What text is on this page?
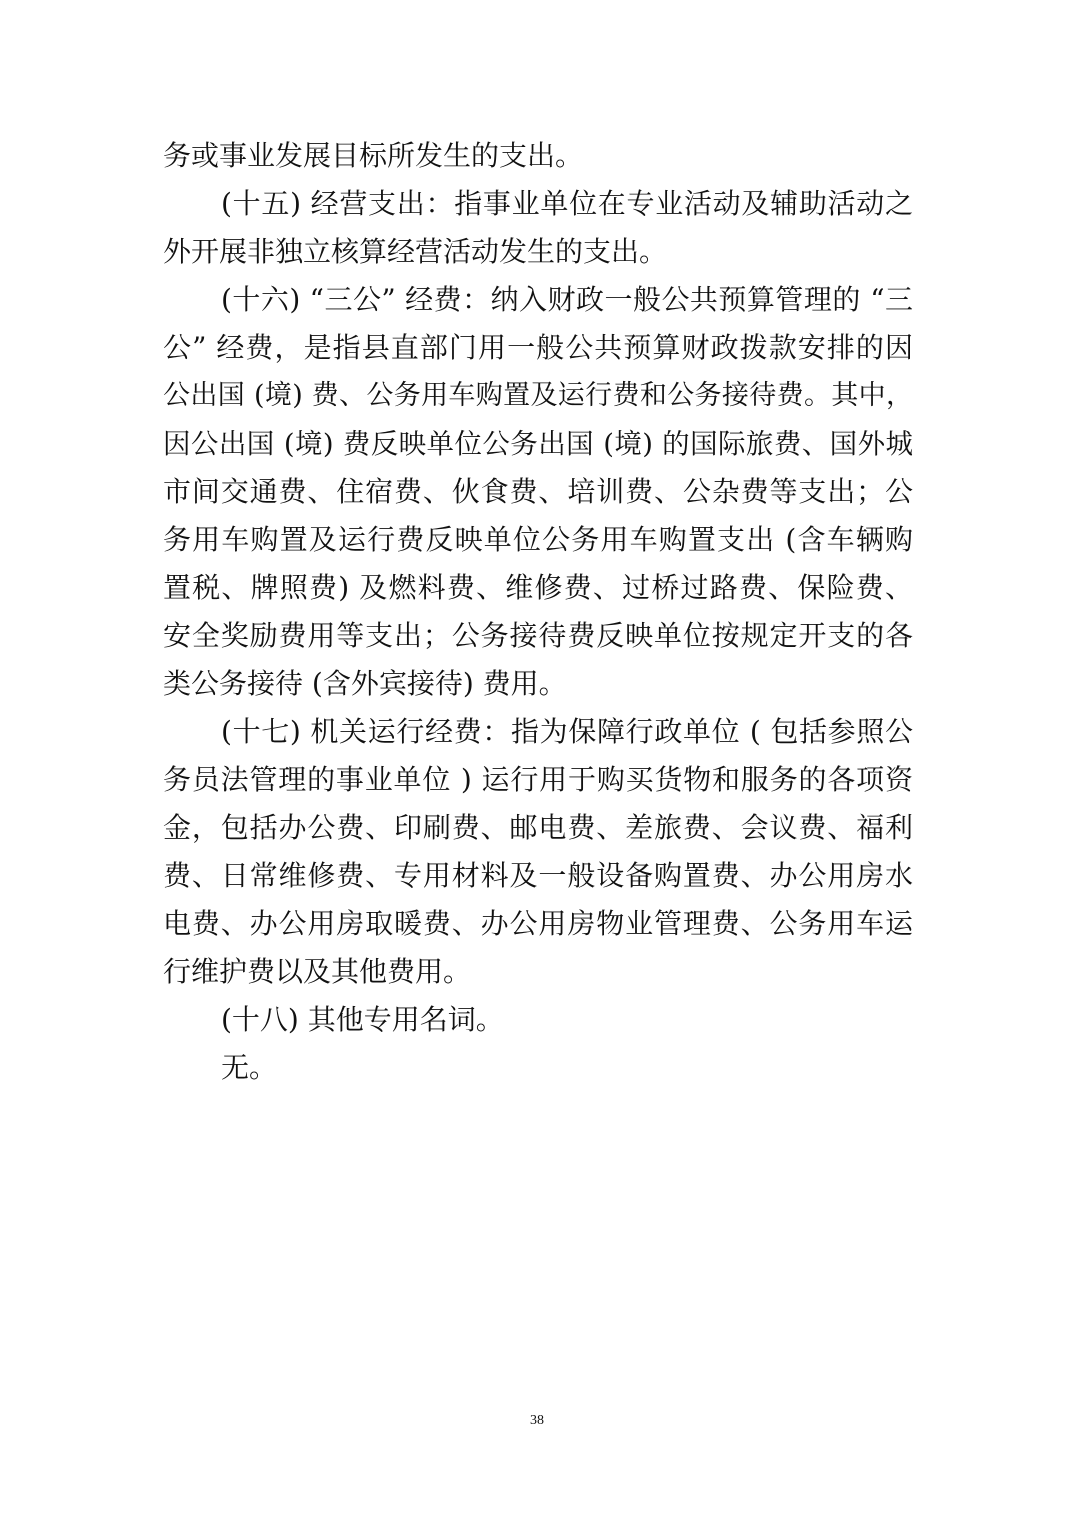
务或事业发展目标所发生的支出。
(十五) 经营支出：指事业单位在专业活动及辅助活动之
外开展非独立核算经营活动发生的支出。
(十六) “三公” 经费：纳入财政一般公共预算管理的 “三
公” 经费，是指县直部门用一般公共预算财政拨款安排的因
公出国 (境) 费、公务用车购置及运行费和公务接待费。其中，
因公出国 (境) 费反映单位公务出国 (境) 的国际旅费、国外城
市间交通费、住宿费、伙食费、培训费、公杂费等支出；公
务用车购置及运行费反映单位公务用车购置支出 (含车辆购
置税、牌照费) 及燃料费、维修费、过桥过路费、保险费、
安全奖励费用等支出；公务接待费反映单位按规定开支的各
类公务接待 (含外宾接待) 费用。
(十七) 机关运行经费：指为保障行政单位 ( 包括参照公
务员法管理的事业单位 ) 运行用于购买货物和服务的各项资
金，包括办公费、印刷费、邮电费、差旅费、会议费、福利
费、日常维修费、专用材料及一般设备购置费、办公用房水
电费、办公用房取暖费、办公用房物业管理费、公务用车运
行维护费以及其他费用。
(十八) 其他专用名词。
无。
38
